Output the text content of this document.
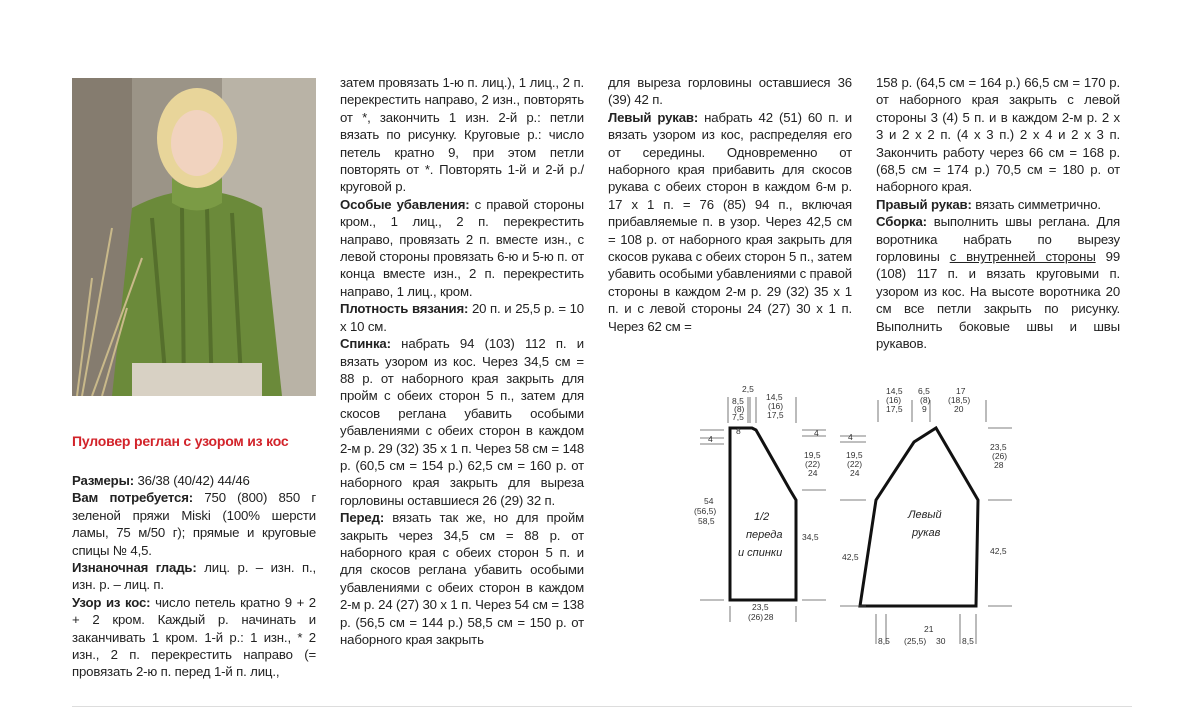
Пуловер реглан с узором из кос

Размеры: 36/38 (40/42) 44/46

Вам потребуется: 750 (800) 850 г зеленой пряжи Miski (100% шерсти ламы, 75 м/50 г); прямые и круговые спицы № 4,5.

Изнаночная гладь: лиц. р. – изн. п., изн. р. – лиц. п.

Узор из кос: число петель кратно 9 + 2 + 2 кром. Каждый р. начинать и заканчивать 1 кром. 1-й р.: 1 изн., * 2 изн., 2 п. перекрестить направо (= провязать 2-ю п. перед 1-й п. лиц.,

затем провязать 1-ю п. лиц.), 1 лиц., 2 п. перекрестить направо, 2 изн., повторять от *, закончить 1 изн. 2-й р.: петли вязать по рисунку. Круговые р.: число петель кратно 9, при этом петли повторять от *. Повторять 1-й и 2-й р./круговой р.

Особые убавления: с правой стороны кром., 1 лиц., 2 п. перекрестить направо, провязать 2 п. вместе изн., с левой стороны провязать 6-ю и 5-ю п. от конца вместе изн., 2 п. перекрестить направо, 1 лиц., кром.

Плотность вязания: 20 п. и 25,5 р. = 10 х 10 см.

Спинка: набрать 94 (103) 112 п. и вязать узором из кос. Через 34,5 см = 88 р. от наборного края закрыть для пройм с обеих сторон 5 п., затем для скосов реглана убавить особыми убавлениями с обеих сторон в каждом 2-м р. 29 (32) 35 х 1 п. Через 58 см = 148 р. (60,5 см = 154 р.) 62,5 см = 160 р. от наборного края закрыть для выреза горловины оставшиеся 26 (29) 32 п.

Перед: вязать так же, но для пройм закрыть через 34,5 см = 88 р. от наборного края с обеих сторон 5 п. и для скосов реглана убавить особыми убавлениями с обеих сторон в каждом 2-м р. 24 (27) 30 х 1 п. Через 54 см = 138 р. (56,5 см = 144 р.) 58,5 см = 150 р. от наборного края закрыть

для выреза горловины оставшиеся 36 (39) 42 п.

Левый рукав: набрать 42 (51) 60 п. и вязать узором из кос, распределяя его от середины. Одновременно от наборного края прибавить для скосов рукава с обеих сторон в каждом 6-м р. 17 х 1 п. = 76 (85) 94 п., включая прибавляемые п. в узор. Через 42,5 см = 108 р. от наборного края закрыть для скосов рукава с обеих сторон 5 п., затем убавить особыми убавлениями с правой стороны в каждом 2-м р. 29 (32) 35 х 1 п. и с левой стороны 24 (27) 30 х 1 п. Через 62 см =

158 р. (64,5 см = 164 р.) 66,5 см = 170 р. от наборного края закрыть с левой стороны 3 (4) 5 п. и в каждом 2-м р. 2 х 3 и 2 х 2 п. (4 х 3 п.) 2 х 4 и 2 х 3 п. Закончить работу через 66 см = 168 р. (68,5 см = 174 р.) 70,5 см = 180 р. от наборного края.

Правый рукав: вязать симметрично.

Сборка: выполнить швы реглана. Для воротника набрать по вырезу горловины с внутренней стороны 99 (108) 117 п. и вязать круговыми п. узором из кос. На высоте воротника 20 см все петли закрыть по рисунку. Выполнить боковые швы и швы рукавов.

2,5
8,5
(8)
7,5
14,5
(16)
17,5
8
4
4
19,5
(22)
24
54
(56,5)
58,5
34,5
23,5
(26) 28
1/2
переда
и спинки
14,5
(16)
17,5
6,5
(8)
9
17
(18,5)
20
4
19,5
(22)
24
23,5
(26)
28
42,5
42,5
21
(25,5) 30
8,5	8,5
Левый
рукав
